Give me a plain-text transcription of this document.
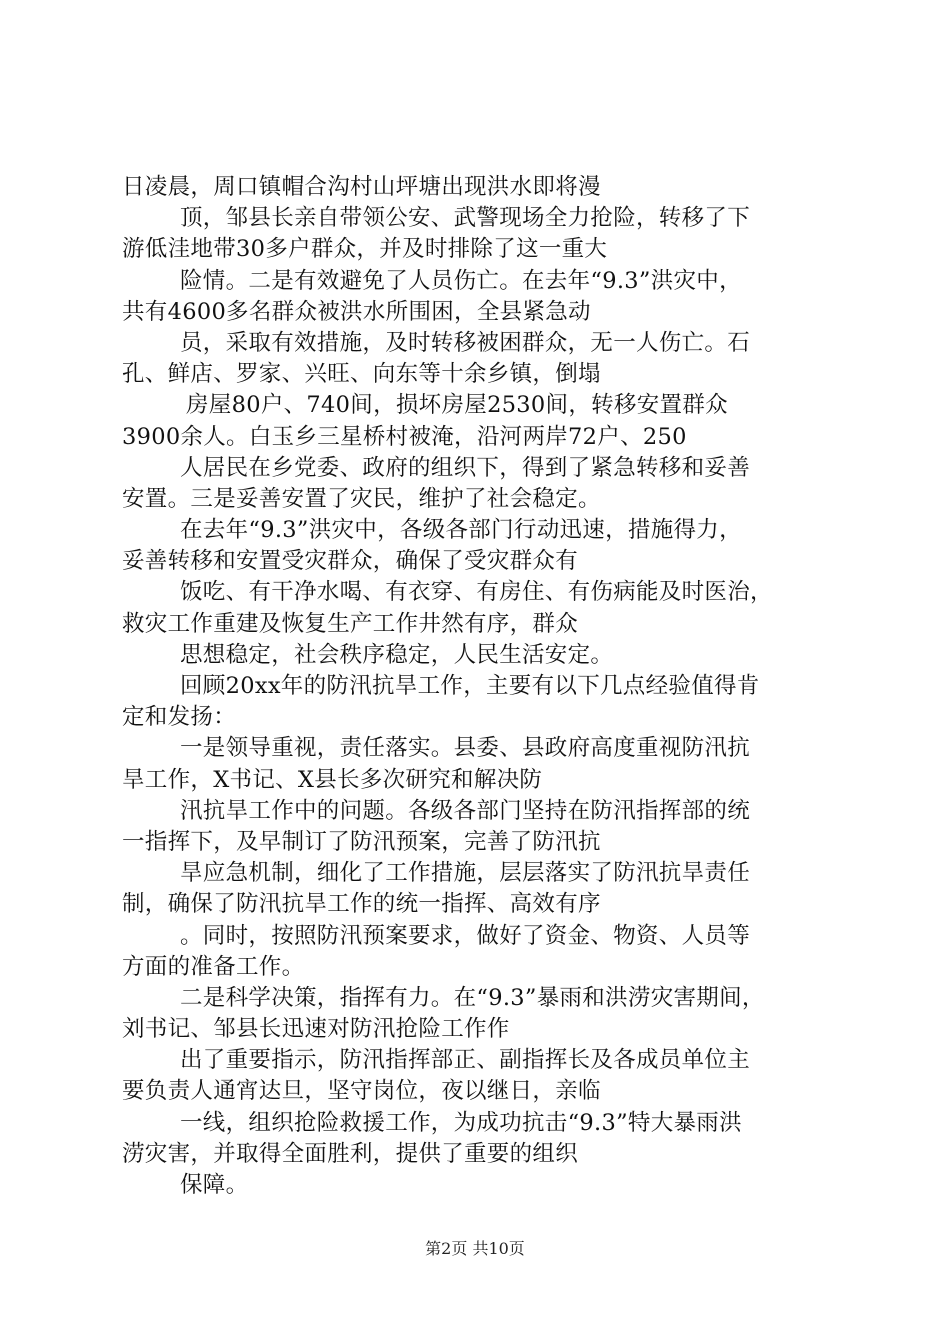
日凌晨，周口镇帽合沟村山坪塘出现洪水即将漫
顶，邹县长亲自带领公安、武警现场全力抢险，转移了下
游低洼地带30多户群众，并及时排除了这一重大
险情。二是有效避免了人员伤亡。在去年“9.3”洪灾中，
共有4600多名群众被洪水所围困，全县紧急动
员，采取有效措施，及时转移被困群众，无一人伤亡。石
孔、鲜店、罗家、兴旺、向东等十余乡镇，倒塌
房屋80户、740间，损坏房屋2530间，转移安置群众
3900余人。白玉乡三星桥村被淹，沿河两岸72户、250
人居民在乡党委、政府的组织下，得到了紧急转移和妥善
安置。三是妥善安置了灾民，维护了社会稳定。
在去年“9.3”洪灾中，各级各部门行动迅速，措施得力，
妥善转移和安置受灾群众，确保了受灾群众有
饭吃、有干净水喝、有衣穿、有房住、有伤病能及时医治，
救灾工作重建及恢复生产工作井然有序，群众
思想稳定，社会秩序稳定，人民生活安定。
回顾20xx年的防汛抗旱工作，主要有以下几点经验值得肯
定和发扬：
一是领导重视，责任落实。县委、县政府高度重视防汛抗
旱工作，X书记、X县长多次研究和解决防
汛抗旱工作中的问题。各级各部门坚持在防汛指挥部的统
一指挥下，及早制订了防汛预案，完善了防汛抗
旱应急机制，细化了工作措施，层层落实了防汛抗旱责任
制，确保了防汛抗旱工作的统一指挥、高效有序
。同时，按照防汛预案要求，做好了资金、物资、人员等
方面的准备工作。
二是科学决策，指挥有力。在“9.3”暴雨和洪涝灾害期间，
刘书记、邹县长迅速对防汛抢险工作作
出了重要指示，防汛指挥部正、副指挥长及各成员单位主
要负责人通宵达旦，坚守岗位，夜以继日，亲临
一线，组织抢险救援工作，为成功抗击“9.3”特大暴雨洪
涝灾害，并取得全面胜利，提供了重要的组织
保障。
第2页 共10页
